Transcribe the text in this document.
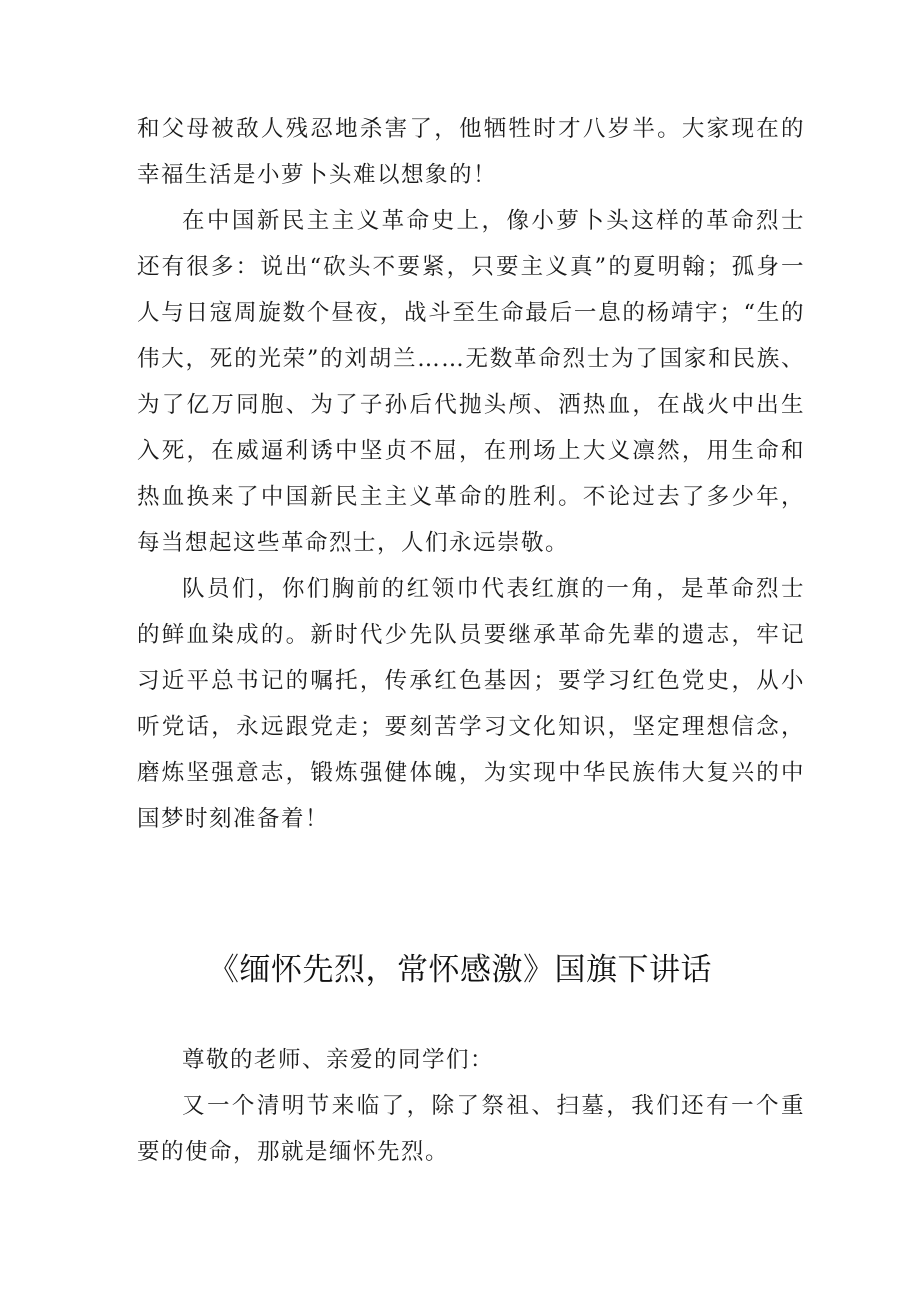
和父母被敌人残忍地杀害了，他牺牲时才八岁半。大家现在的幸福生活是小萝卜头难以想象的！

在中国新民主主义革命史上，像小萝卜头这样的革命烈士还有很多：说出“砍头不要紧，只要主义真”的夏明翰；孤身一人与日寇周旋数个昼夜，战斗至生命最后一息的杨靖宇；“生的伟大，死的光荣”的刘胡兰……无数革命烈士为了国家和民族、为了亿万同胞、为了子孙后代抛头颅、洒热血，在战火中出生入死，在威逼利诱中坚贞不屈，在刑场上大义凛然，用生命和热血换来了中国新民主主义革命的胜利。不论过去了多少年，每当想起这些革命烈士，人们永远崇敬。

队员们，你们胸前的红领巾代表红旗的一角，是革命烈士的鲜血染成的。新时代少先队员要继承革命先辈的遗志，牢记习近平总书记的嘱托，传承红色基因；要学习红色党史，从小听党话，永远跟党走；要刻苦学习文化知识，坚定理想信念，磨炼坚强意志，锻炼强健体魄，为实现中华民族伟大复兴的中国梦时刻准备着！

《缅怀先烈，常怀感激》国旗下讲话

尊敬的老师、亲爱的同学们：

又一个清明节来临了，除了祭祖、扫墓，我们还有一个重要的使命，那就是缅怀先烈。
